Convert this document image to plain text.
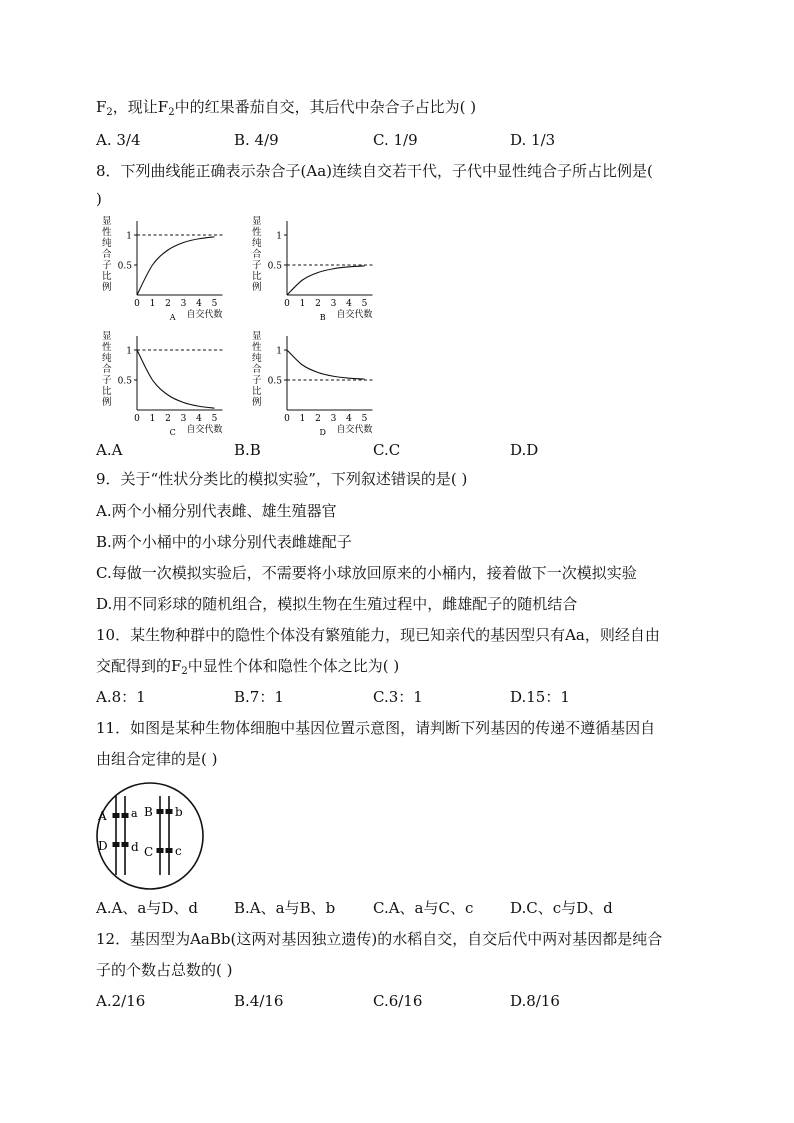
$F_2$，现让$F_2$中的红果番茄自交，其后代中杂合子占比为( )
A. 3/4	B. 4/9	C. 1/9	D. 1/3
8．下列曲线能正确表示杂合子(Aa)连续自交若干代，子代中显性纯合子所占比例是(
)
显
性
纯
合
子
比
例
1
0.5
0 1 2 3 4 5
自交代数
A
显
性
纯
合
子
比
例
1
0.5
0 1 2 3 4 5
自交代数
B
显
性
纯
合
子
比
例
1
0.5
0 1 2 3 4 5
自交代数
C
显
性
纯
合
子
比
例
1
0.5
0 1 2 3 4 5
自交代数
D
A.A	B.B	C.C	D.D
9．关于“性状分类比的模拟实验”，下列叙述错误的是( )
A.两个小桶分别代表雌、雄生殖器官
B.两个小桶中的小球分别代表雌雄配子
C.每做一次模拟实验后，不需要将小球放回原来的小桶内，接着做下一次模拟实验
D.用不同彩球的随机组合，模拟生物在生殖过程中，雌雄配子的随机结合
10．某生物种群中的隐性个体没有繁殖能力，现已知亲代的基因型只有Aa，则经自由
交配得到的$F_2$中显性个体和隐性个体之比为( )
A.8：1	B.7：1	C.3：1	D.15：1
11．如图是某种生物体细胞中基因位置示意图，请判断下列基因的传递不遵循基因自
由组合定律的是( )
A a
D d
B b
C c
A.A、a与D、d B.A、a与B、b	C.A、a与C、c D.C、c与D、d
12．基因型为AaBb(这两对基因独立遗传)的水稻自交，自交后代中两对基因都是纯合
子的个数占总数的( )
A.2/16	B.4/16	C.6/16	D.8/16
